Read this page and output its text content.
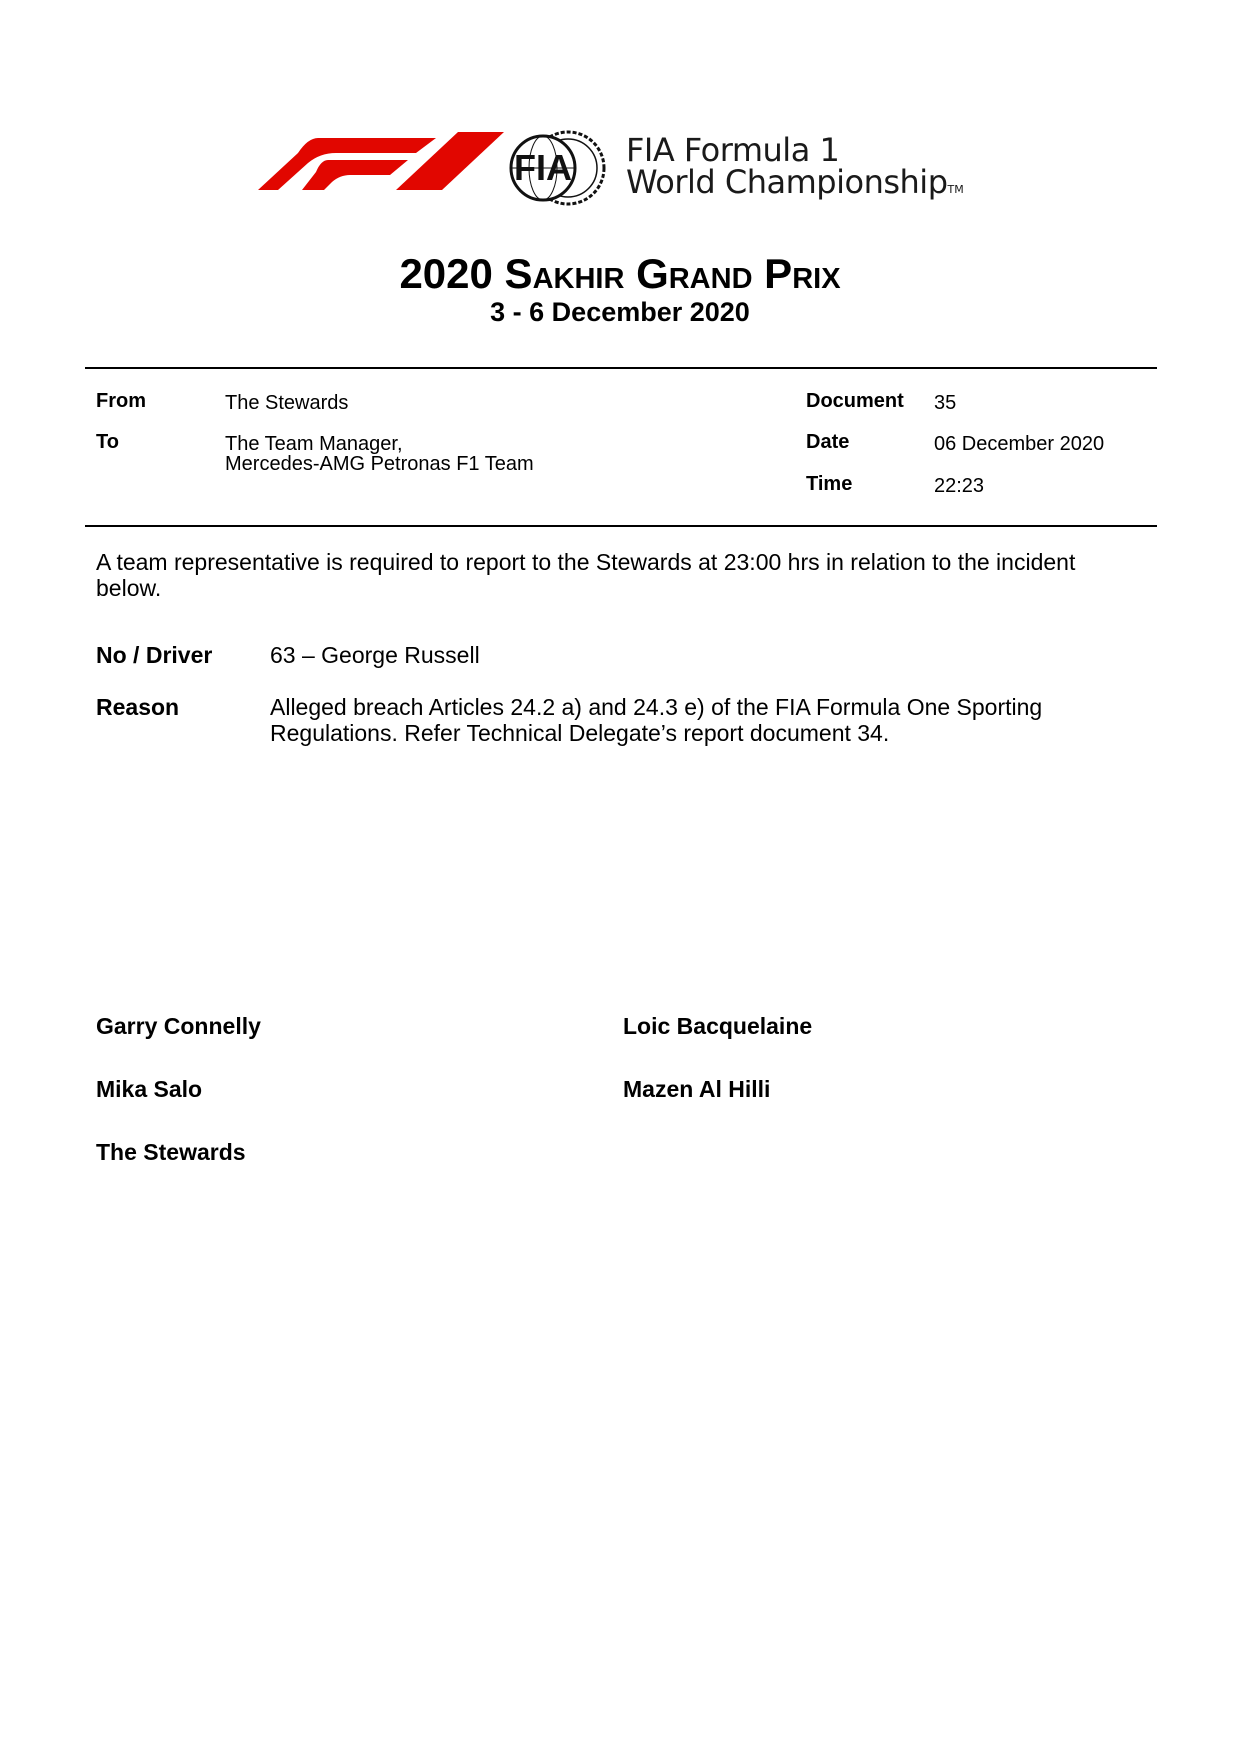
FIA FIA Formula 1
World ChampionshipTM
2020 Sakhir Grand Prix
3 - 6 December 2020
From	The Stewards
To	The Team Manager,
Mercedes-AMG Petronas F1 Team
Document 35
Date	06 December 2020
Time	22:23
A team representative is required to report to the Stewards at 23:00 hrs in relation to the incident below.
No / Driver	63 – George Russell
Reason	Alleged breach Articles 24.2 a) and 24.3 e) of the FIA Formula One Sporting Regulations. Refer Technical Delegate’s report document 34.
Garry Connelly	Loic Bacquelaine
Mika Salo	Mazen Al Hilli
The Stewards
